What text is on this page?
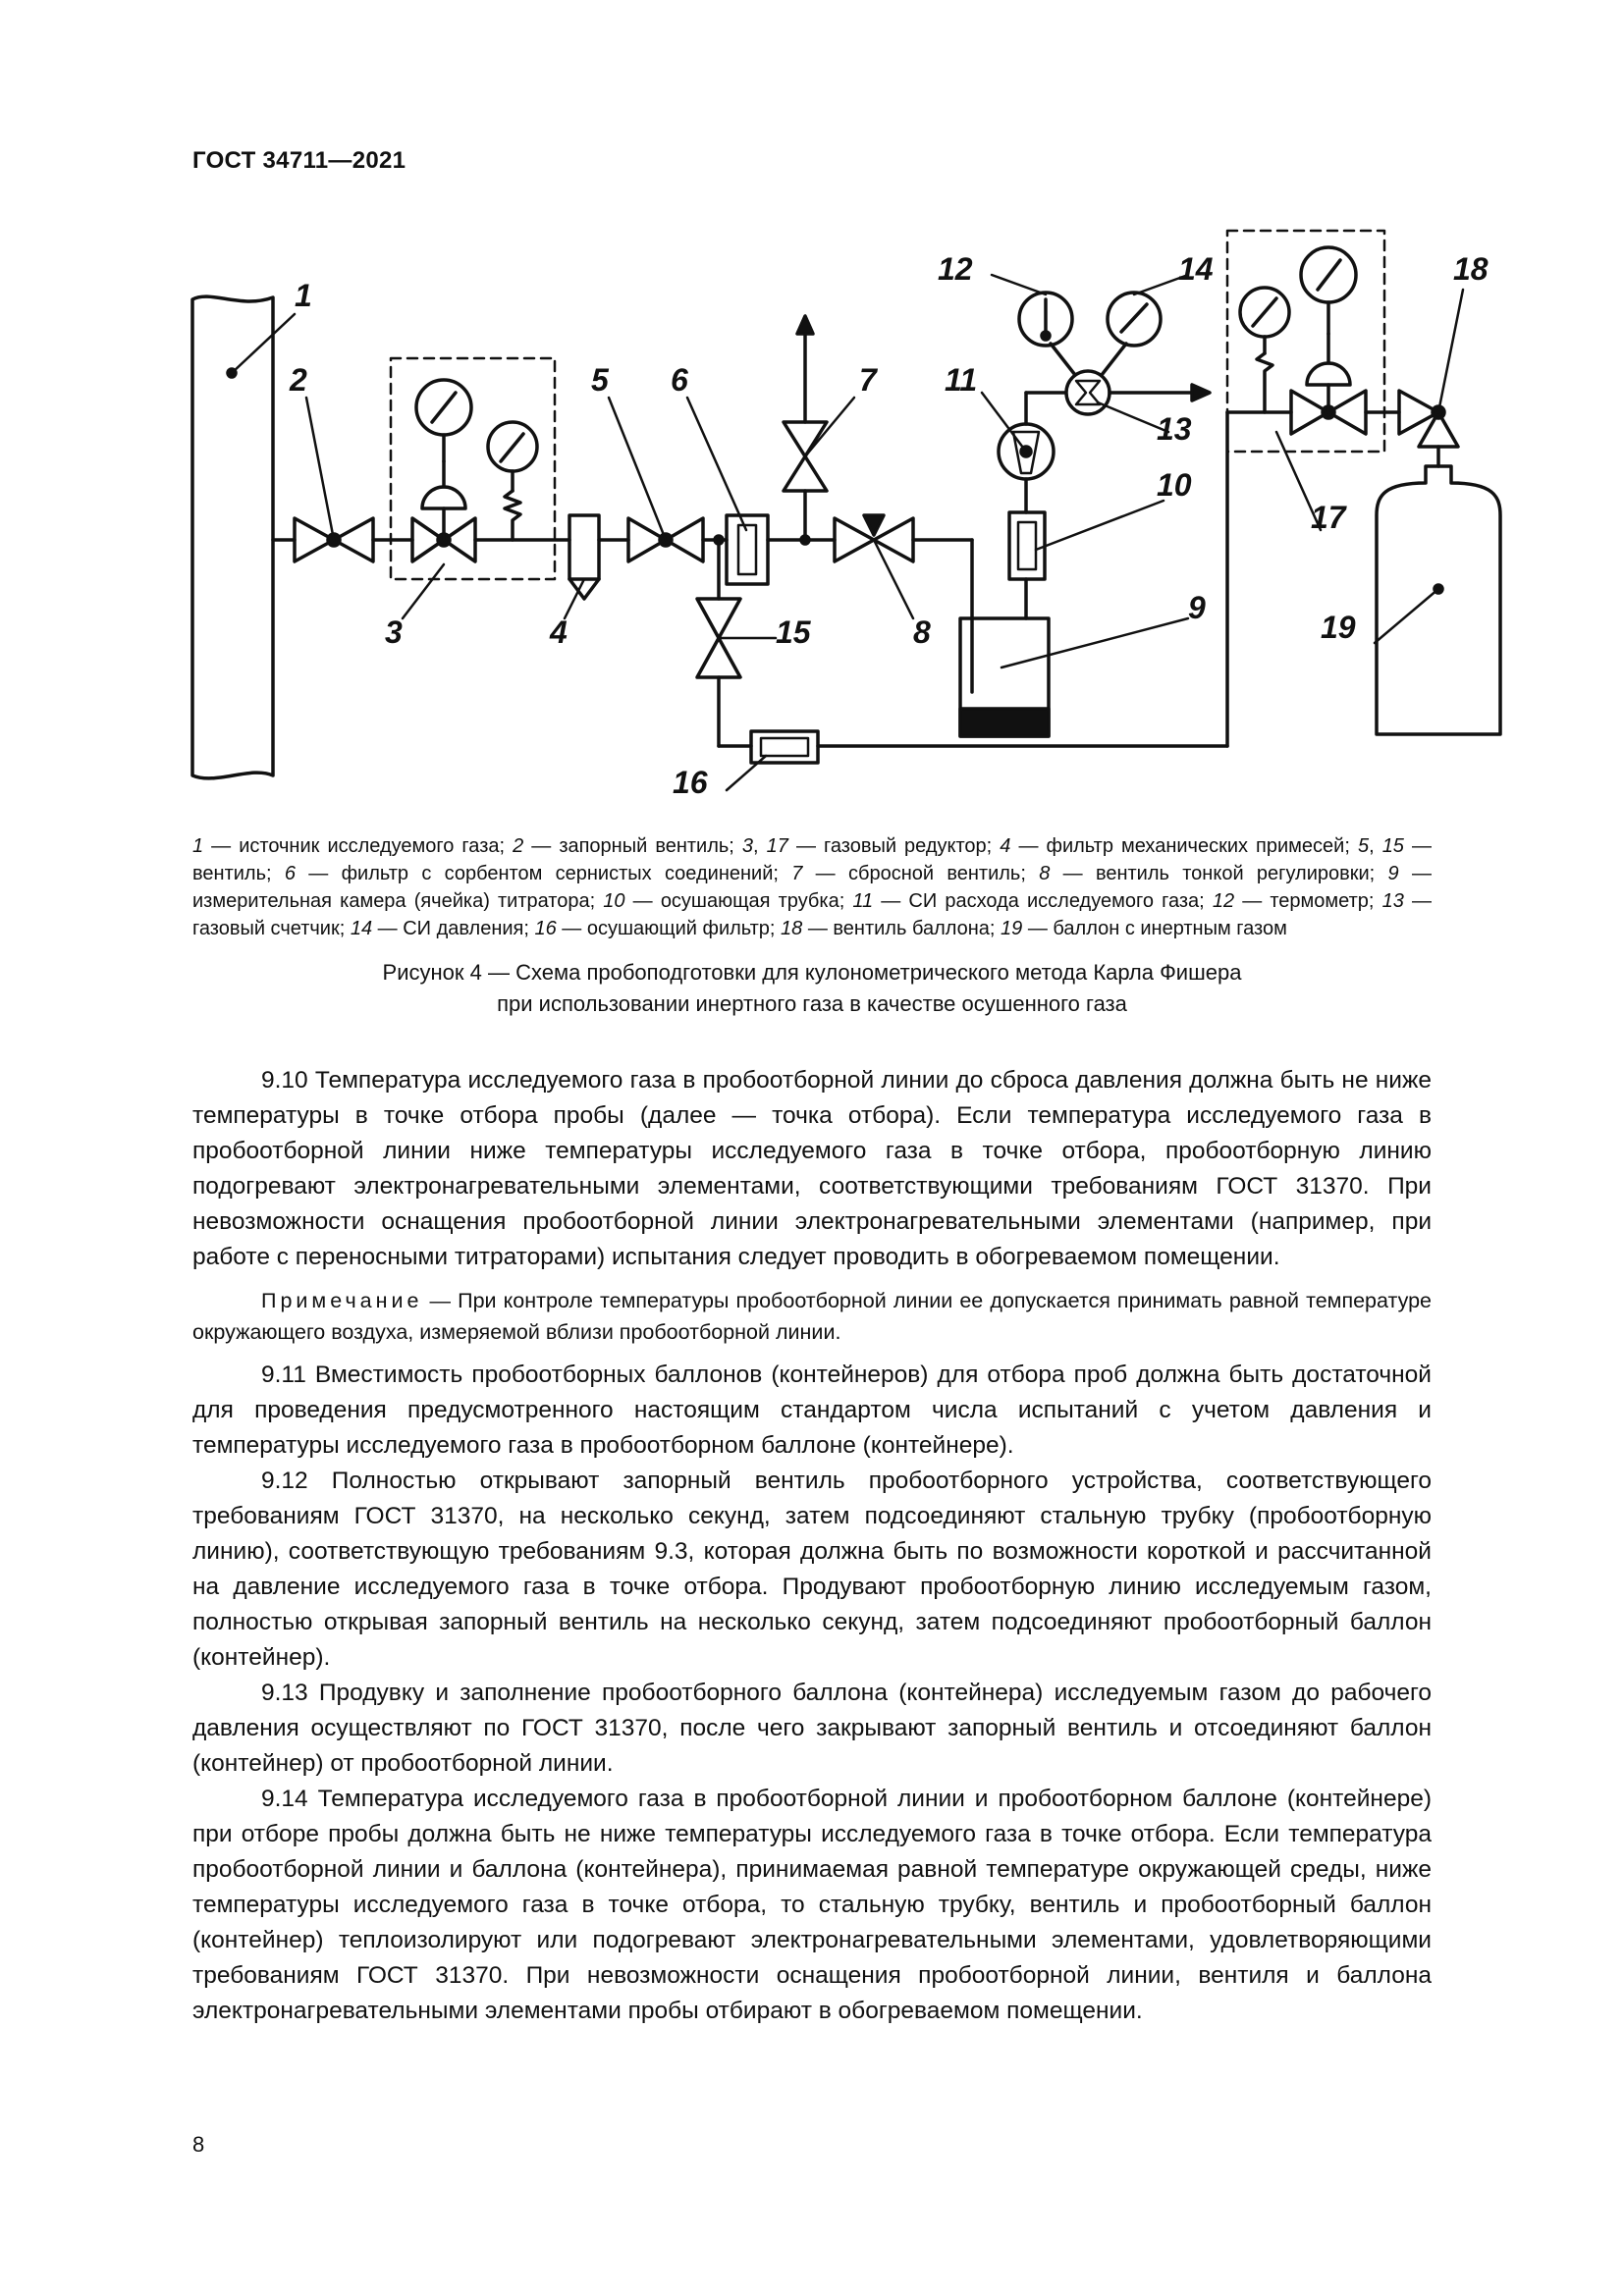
ГОСТ 34711—2021
1
2
3	4
5 6	7
8
9
10
11
12
13
14
15
16
17
18
19
1 — источник исследуемого газа; 2 — запорный вентиль; 3, 17 — газовый редуктор; 4 — фильтр механических примесей; 5, 15 — вентиль; 6 — фильтр с сорбентом сернистых соединений; 7 — сбросной вентиль; 8 — вентиль тонкой регулировки; 9 — измерительная камера (ячейка) титратора; 10 — осушающая трубка; 11 — СИ расхода исследуемого газа; 12 — термометр; 13 — газовый счетчик; 14 — СИ давления; 16 — осушающий фильтр; 18 — вентиль баллона; 19 — баллон с инертным газом
Рисунок 4 — Схема пробоподготовки для кулонометрического метода Карла Фишера
при использовании инертного газа в качестве осушенного газа

9.10 Температура исследуемого газа в пробоотборной линии до сброса давления должна быть не ниже температуры в точке отбора пробы (далее — точка отбора). Если температура исследуемого газа в пробоотборной линии ниже температуры исследуемого газа в точке отбора, пробоотборную линию подогревают электронагревательными элементами, соответствующими требованиям ГОСТ 31370. При невозможности оснащения пробоотборной линии электронагревательными элементами (например, при работе с переносными титраторами) испытания следует проводить в обогреваемом помещении.

Примечание — При контроле температуры пробоотборной линии ее допускается принимать равной температуре окружающего воздуха, измеряемой вблизи пробоотборной линии.

9.11 Вместимость пробоотборных баллонов (контейнеров) для отбора проб должна быть достаточной для проведения предусмотренного настоящим стандартом числа испытаний с учетом давления и температуры исследуемого газа в пробоотборном баллоне (контейнере).

9.12 Полностью открывают запорный вентиль пробоотборного устройства, соответствующего требованиям ГОСТ 31370, на несколько секунд, затем подсоединяют стальную трубку (пробоотборную линию), соответствующую требованиям 9.3, которая должна быть по возможности короткой и рассчитанной на давление исследуемого газа в точке отбора. Продувают пробоотборную линию исследуемым газом, полностью открывая запорный вентиль на несколько секунд, затем подсоединяют пробоотборный баллон (контейнер).

9.13 Продувку и заполнение пробоотборного баллона (контейнера) исследуемым газом до рабочего давления осуществляют по ГОСТ 31370, после чего закрывают запорный вентиль и отсоединяют баллон (контейнер) от пробоотборной линии.

9.14 Температура исследуемого газа в пробоотборной линии и пробоотборном баллоне (контейнере) при отборе пробы должна быть не ниже температуры исследуемого газа в точке отбора. Если температура пробоотборной линии и баллона (контейнера), принимаемая равной температуре окружающей среды, ниже температуры исследуемого газа в точке отбора, то стальную трубку, вентиль и пробоотборный баллон (контейнер) теплоизолируют или подогревают электронагревательными элементами, удовлетворяющими требованиям ГОСТ 31370. При невозможности оснащения пробоотборной линии, вентиля и баллона электронагревательными элементами пробы отбирают в обогреваемом помещении.

8
